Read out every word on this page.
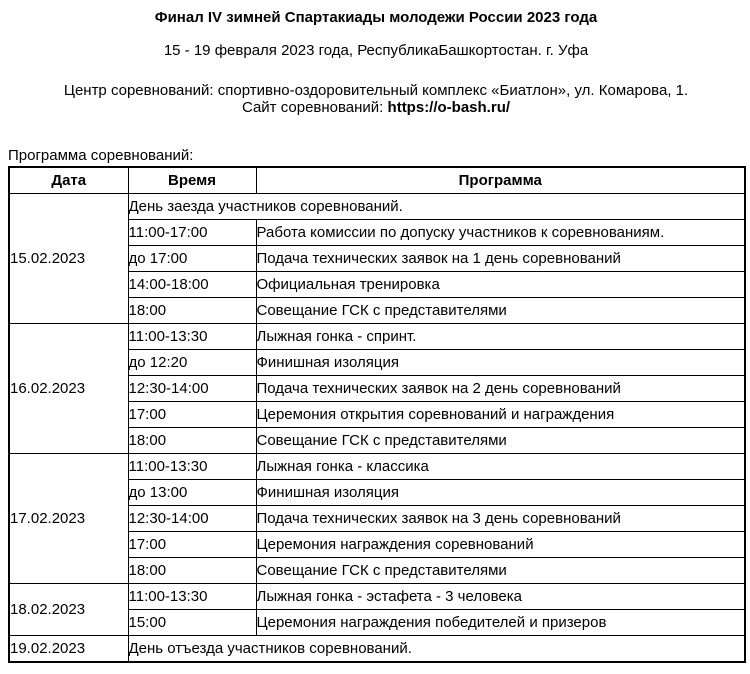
Финал IV зимней Спартакиады молодежи России 2023 года
15 - 19 февраля 2023 года, РеспубликаБашкортостан. г. Уфа
Центр соревнований: спортивно-оздоровительный комплекс «Биатлон», ул. Комарова, 1.
Сайт соревнований: https://o-bash.ru/
Программа соревнований:
Дата	Время	Программа
15.02.2023	День заезда участников соревнований.	
	11:00-17:00	Работа комиссии по допуску участников к соревнованиям.
	до 17:00	Подача технических заявок на 1 день соревнований
	14:00-18:00	Официальная тренировка
	18:00	Совещание ГСК с представителями
16.02.2023	11:00-13:30	Лыжная гонка - спринт.
	до 12:20	Финишная изоляция
	12:30-14:00	Подача технических заявок на 2 день соревнований
	17:00	Церемония открытия соревнований и награждения
	18:00	Совещание ГСК с представителями
17.02.2023	11:00-13:30	Лыжная гонка - классика
	до 13:00	Финишная изоляция
	12:30-14:00	Подача технических заявок на 3 день соревнований
	17:00	Церемония награждения соревнований
	18:00	Совещание ГСК с представителями
18.02.2023	11:00-13:30	Лыжная гонка - эстафета - 3 человека
	15:00	Церемония награждения победителей и призеров
19.02.2023	День отъезда участников соревнований.	
